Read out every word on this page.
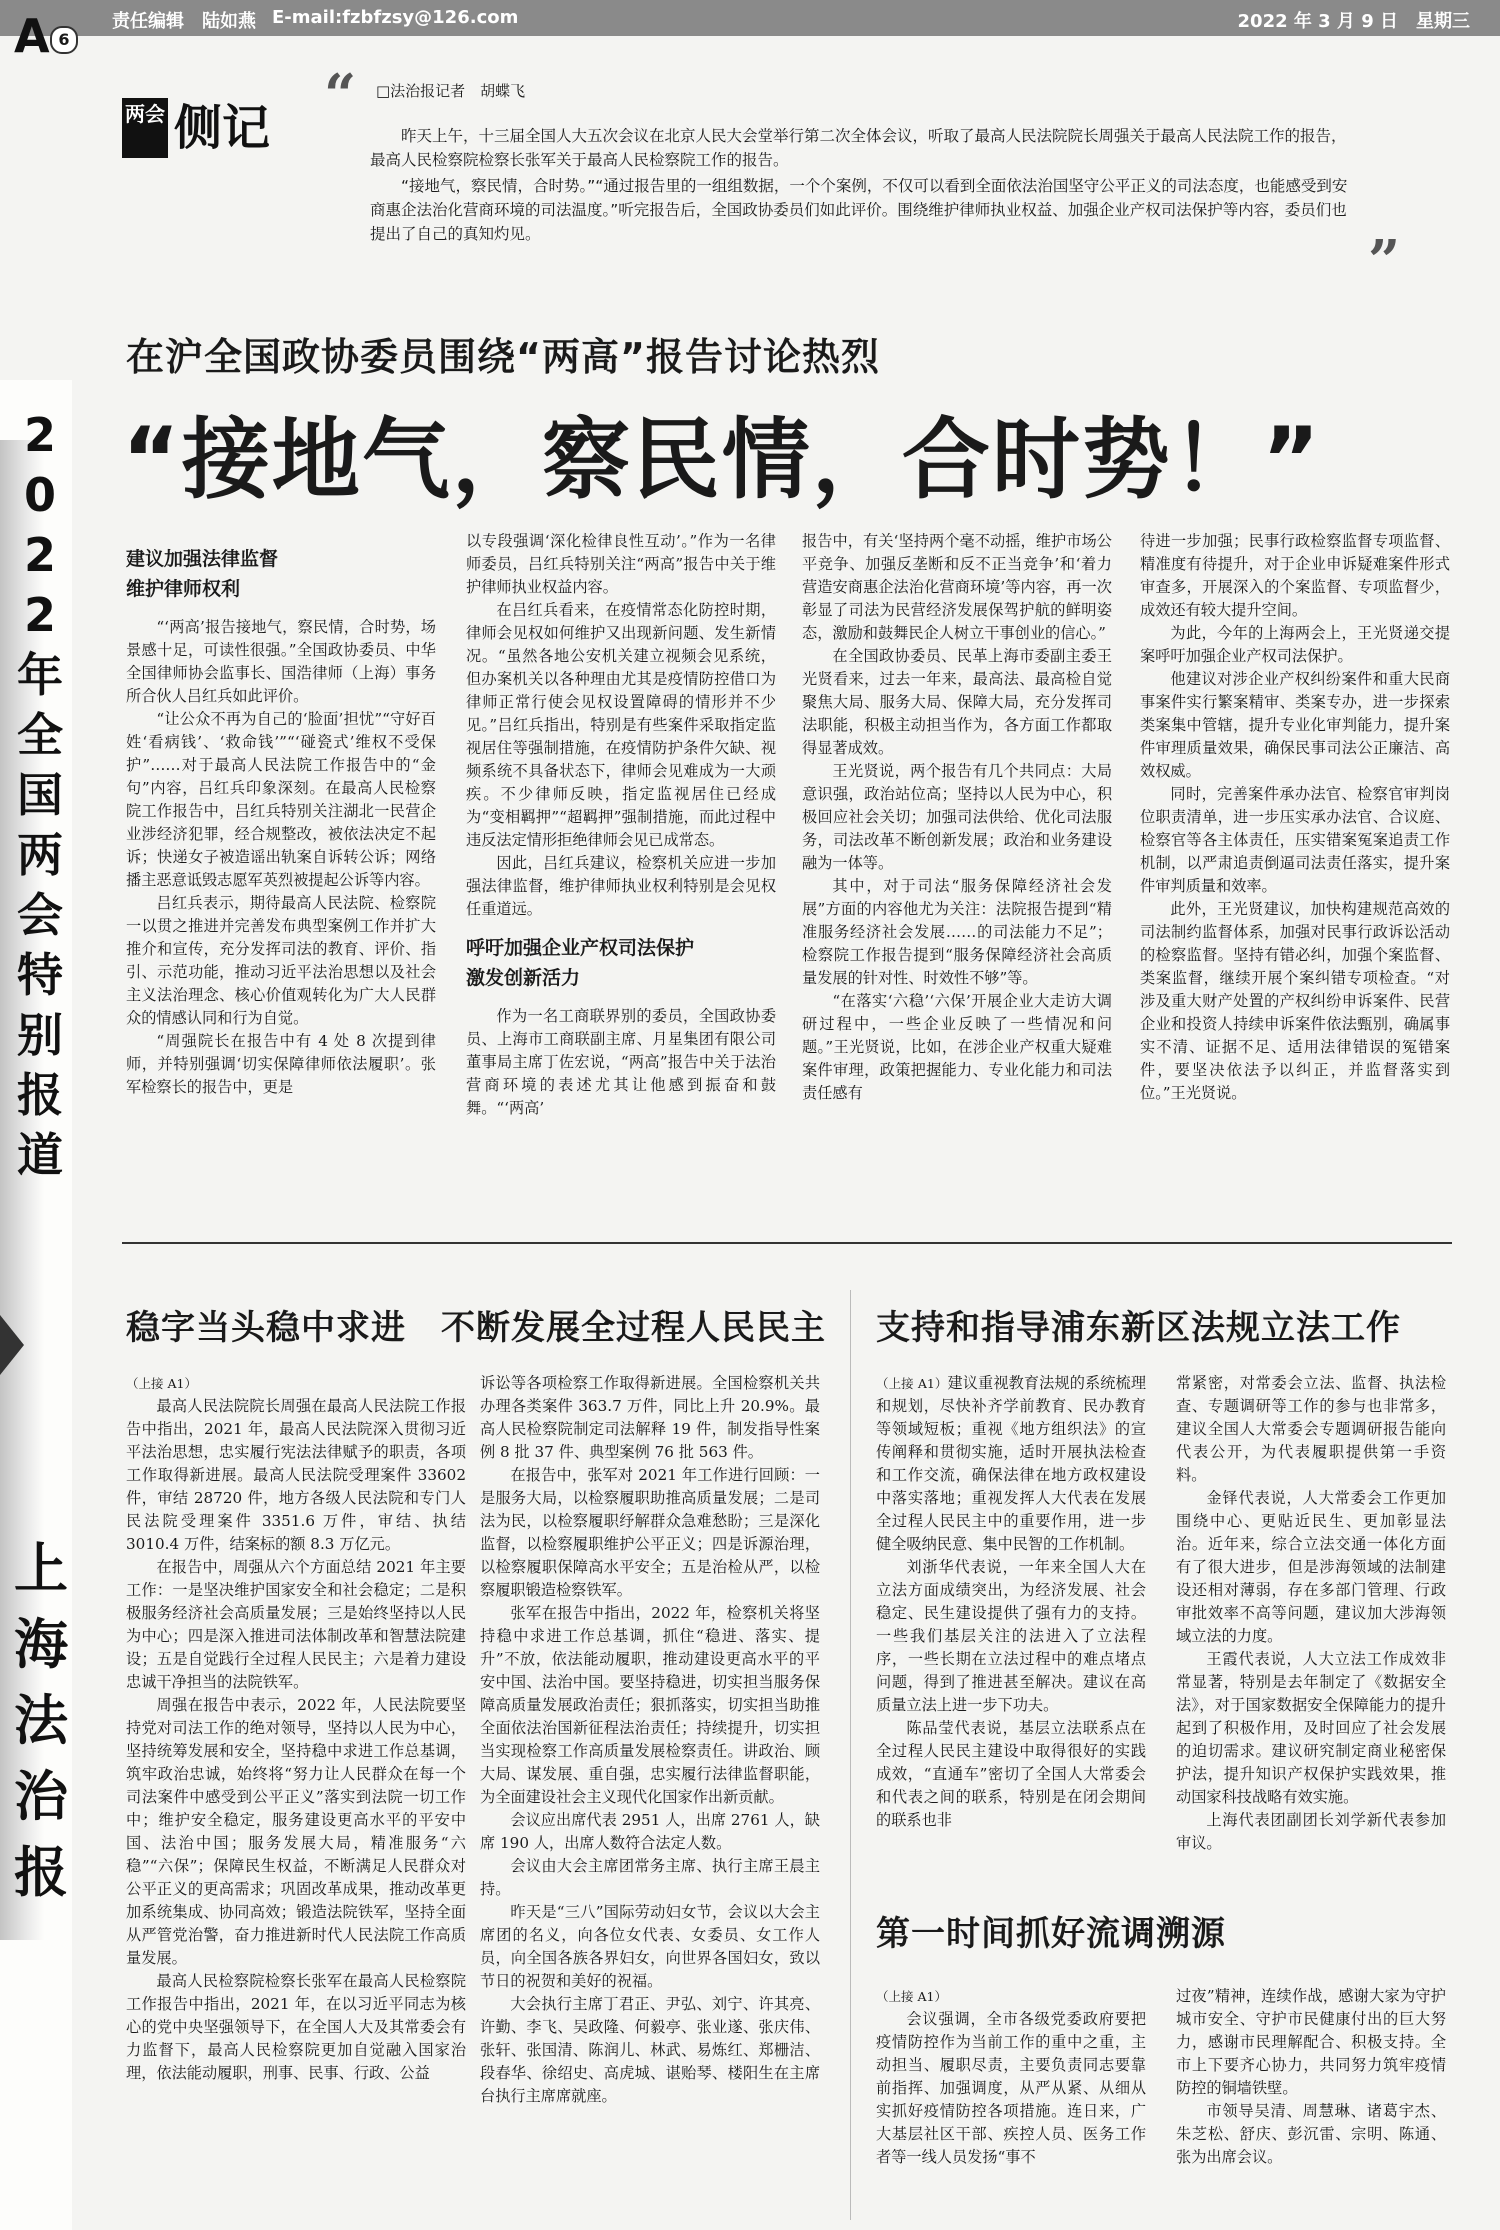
责任编辑　陆如燕 E-mail:fzbfzsy@126.com	2022 年 3 月 9 日　星期三
A 6
2022年全国两会特别报道
上海法治报
两会 侧记 “
”
□法治报记者　胡蝶飞

昨天上午，十三届全国人大五次会议在北京人民大会堂举行第二次全体会议，听取了最高人民法院院长周强关于最高人民法院工作的报告，最高人民检察院检察长张军关于最高人民检察院工作的报告。

“接地气，察民情，合时势。”“通过报告里的一组组数据，一个个案例，不仅可以看到全面依法治国坚守公平正义的司法态度，也能感受到安商惠企法治化营商环境的司法温度。”听完报告后，全国政协委员们如此评价。围绕维护律师执业权益、加强企业产权司法保护等内容，委员们也提出了自己的真知灼见。

在沪全国政协委员围绕“两高”报告讨论热烈
“接地气，察民情，合时势！”
建议加强法律监督
维护律师权利

“‘两高’报告接地气，察民情，合时势，场景感十足，可读性很强。”全国政协委员、中华全国律师协会监事长、国浩律师（上海）事务所合伙人吕红兵如此评价。

“让公众不再为自己的‘脸面’担忧”“守好百姓‘看病钱’、‘救命钱’”“‘碰瓷式’维权不受保护”……对于最高人民法院工作报告中的“金句”内容，吕红兵印象深刻。在最高人民检察院工作报告中，吕红兵特别关注湖北一民营企业涉经济犯罪，经合规整改，被依法决定不起诉；快递女子被造谣出轨案自诉转公诉；网络播主恶意诋毁志愿军英烈被提起公诉等内容。

吕红兵表示，期待最高人民法院、检察院一以贯之推进并完善发布典型案例工作并扩大推介和宣传，充分发挥司法的教育、评价、指引、示范功能，推动习近平法治思想以及社会主义法治理念、核心价值观转化为广大人民群众的情感认同和行为自觉。

“周强院长在报告中有 4 处 8 次提到律师，并特别强调‘切实保障律师依法履职’。张军检察长的报告中，更是

以专段强调‘深化检律良性互动’。”作为一名律师委员，吕红兵特别关注“两高”报告中关于维护律师执业权益内容。

在吕红兵看来，在疫情常态化防控时期，律师会见权如何维护又出现新问题、发生新情况。“虽然各地公安机关建立视频会见系统，但办案机关以各种理由尤其是疫情防控借口为律师正常行使会见权设置障碍的情形并不少见。”吕红兵指出，特别是有些案件采取指定监视居住等强制措施，在疫情防护条件欠缺、视频系统不具备状态下，律师会见难成为一大顽疾。不少律师反映，指定监视居住已经成为“变相羁押”“超羁押”强制措施，而此过程中违反法定情形拒绝律师会见已成常态。

因此，吕红兵建议，检察机关应进一步加强法律监督，维护律师执业权利特别是会见权任重道远。

呼吁加强企业产权司法保护
激发创新活力

作为一名工商联界别的委员，全国政协委员、上海市工商联副主席、月星集团有限公司董事局主席丁佐宏说，“两高”报告中关于法治营商环境的表述尤其让他感到振奋和鼓舞。“‘两高’

报告中，有关‘坚持两个毫不动摇，维护市场公平竞争、加强反垄断和反不正当竞争’和‘着力营造安商惠企法治化营商环境’等内容，再一次彰显了司法为民营经济发展保驾护航的鲜明姿态，激励和鼓舞民企人树立干事创业的信心。”

在全国政协委员、民革上海市委副主委王光贤看来，过去一年来，最高法、最高检自觉聚焦大局、服务大局、保障大局，充分发挥司法职能，积极主动担当作为，各方面工作都取得显著成效。

王光贤说，两个报告有几个共同点：大局意识强，政治站位高；坚持以人民为中心，积极回应社会关切；加强司法供给、优化司法服务，司法改革不断创新发展；政治和业务建设融为一体等。

其中，对于司法“服务保障经济社会发展”方面的内容他尤为关注：法院报告提到“精准服务经济社会发展……的司法能力不足”；检察院工作报告提到“服务保障经济社会高质量发展的针对性、时效性不够”等。

“在落实‘六稳’‘六保’开展企业大走访大调研过程中，一些企业反映了一些情况和问题。”王光贤说，比如，在涉企业产权重大疑难案件审理，政策把握能力、专业化能力和司法责任感有

待进一步加强；民事行政检察监督专项监督、精准度有待提升，对于企业申诉疑难案件形式审查多，开展深入的个案监督、专项监督少，成效还有较大提升空间。

为此，今年的上海两会上，王光贤递交提案呼吁加强企业产权司法保护。

他建议对涉企业产权纠纷案件和重大民商事案件实行繁案精审、类案专办，进一步探索类案集中管辖，提升专业化审判能力，提升案件审理质量效果，确保民事司法公正廉洁、高效权威。

同时，完善案件承办法官、检察官审判岗位职责清单，进一步压实承办法官、合议庭、检察官等各主体责任，压实错案冤案追责工作机制，以严肃追责倒逼司法责任落实，提升案件审判质量和效率。

此外，王光贤建议，加快构建规范高效的司法制约监督体系，加强对民事行政诉讼活动的检察监督。坚持有错必纠，加强个案监督、类案监督，继续开展个案纠错专项检查。“对涉及重大财产处置的产权纠纷申诉案件、民营企业和投资人持续申诉案件依法甄别，确属事实不清、证据不足、适用法律错误的冤错案件，要坚决依法予以纠正，并监督落实到位。”王光贤说。

稳字当头稳中求进　不断发展全过程人民民主

（上接 A1）

最高人民法院院长周强在最高人民法院工作报告中指出，2021 年，最高人民法院深入贯彻习近平法治思想，忠实履行宪法法律赋予的职责，各项工作取得新进展。最高人民法院受理案件 33602 件，审结 28720 件，地方各级人民法院和专门人民法院受理案件 3351.6 万件，审结、执结 3010.4 万件，结案标的额 8.3 万亿元。

在报告中，周强从六个方面总结 2021 年主要工作：一是坚决维护国家安全和社会稳定；二是积极服务经济社会高质量发展；三是始终坚持以人民为中心；四是深入推进司法体制改革和智慧法院建设；五是自觉践行全过程人民民主；六是着力建设忠诚干净担当的法院铁军。

周强在报告中表示，2022 年，人民法院要坚持党对司法工作的绝对领导，坚持以人民为中心，坚持统筹发展和安全，坚持稳中求进工作总基调，筑牢政治忠诚，始终将“努力让人民群众在每一个司法案件中感受到公平正义”落实到法院一切工作中；维护安全稳定，服务建设更高水平的平安中国、法治中国；服务发展大局，精准服务“六稳”“六保”；保障民生权益，不断满足人民群众对公平正义的更高需求；巩固改革成果，推动改革更加系统集成、协同高效；锻造法院铁军，坚持全面从严管党治警，奋力推进新时代人民法院工作高质量发展。

最高人民检察院检察长张军在最高人民检察院工作报告中指出，2021 年，在以习近平同志为核心的党中央坚强领导下，在全国人大及其常委会有力监督下，最高人民检察院更加自觉融入国家治理，依法能动履职，刑事、民事、行政、公益

诉讼等各项检察工作取得新进展。全国检察机关共办理各类案件 363.7 万件，同比上升 20.9%。最高人民检察院制定司法解释 19 件，制发指导性案例 8 批 37 件、典型案例 76 批 563 件。

在报告中，张军对 2021 年工作进行回顾：一是服务大局，以检察履职助推高质量发展；二是司法为民，以检察履职纾解群众急难愁盼；三是深化监督，以检察履职维护公平正义；四是诉源治理，以检察履职保障高水平安全；五是治检从严，以检察履职锻造检察铁军。

张军在报告中指出，2022 年，检察机关将坚持稳中求进工作总基调，抓住“稳进、落实、提升”不放，依法能动履职，推动建设更高水平的平安中国、法治中国。要坚持稳进，切实担当服务保障高质量发展政治责任；狠抓落实，切实担当助推全面依法治国新征程法治责任；持续提升，切实担当实现检察工作高质量发展检察责任。讲政治、顾大局、谋发展、重自强，忠实履行法律监督职能，为全面建设社会主义现代化国家作出新贡献。

会议应出席代表 2951 人，出席 2761 人，缺席 190 人，出席人数符合法定人数。

会议由大会主席团常务主席、执行主席王晨主持。

昨天是“三八”国际劳动妇女节，会议以大会主席团的名义，向各位女代表、女委员、女工作人员，向全国各族各界妇女，向世界各国妇女，致以节日的祝贺和美好的祝福。

大会执行主席丁君正、尹弘、刘宁、许其亮、许勤、李飞、吴政隆、何毅亭、张业遂、张庆伟、张轩、张国清、陈润儿、林武、易炼红、郑栅洁、段春华、徐绍史、高虎城、谌贻琴、楼阳生在主席台执行主席席就座。

支持和指导浦东新区法规立法工作

（上接 A1）建议重视教育法规的系统梳理和规划，尽快补齐学前教育、民办教育等领域短板；重视《地方组织法》的宣传阐释和贯彻实施，适时开展执法检查和工作交流，确保法律在地方政权建设中落实落地；重视发挥人大代表在发展全过程人民民主中的重要作用，进一步健全吸纳民意、集中民智的工作机制。

刘浙华代表说，一年来全国人大在立法方面成绩突出，为经济发展、社会稳定、民生建设提供了强有力的支持。一些我们基层关注的法进入了立法程序，一些长期在立法过程中的难点堵点问题，得到了推进甚至解决。建议在高质量立法上进一步下功夫。

陈品莹代表说，基层立法联系点在全过程人民民主建设中取得很好的实践成效，“直通车”密切了全国人大常委会和代表之间的联系，特别是在闭会期间的联系也非

常紧密，对常委会立法、监督、执法检查、专题调研等工作的参与也非常多，建议全国人大常委会专题调研报告能向代表公开，为代表履职提供第一手资料。

金铎代表说，人大常委会工作更加围绕中心、更贴近民生、更加彰显法治。近年来，综合立法交通一体化方面有了很大进步，但是涉海领域的法制建设还相对薄弱，存在多部门管理、行政审批效率不高等问题，建议加大涉海领域立法的力度。

王霞代表说，人大立法工作成效非常显著，特别是去年制定了《数据安全法》，对于国家数据安全保障能力的提升起到了积极作用，及时回应了社会发展的迫切需求。建议研究制定商业秘密保护法，提升知识产权保护实践效果，推动国家科技战略有效实施。

上海代表团副团长刘学新代表参加审议。

第一时间抓好流调溯源

（上接 A1）

会议强调，全市各级党委政府要把疫情防控作为当前工作的重中之重，主动担当、履职尽责，主要负责同志要靠前指挥、加强调度，从严从紧、从细从实抓好疫情防控各项措施。连日来，广大基层社区干部、疾控人员、医务工作者等一线人员发扬“事不

过夜”精神，连续作战，感谢大家为守护城市安全、守护市民健康付出的巨大努力，感谢市民理解配合、积极支持。全市上下要齐心协力，共同努力筑牢疫情防控的铜墙铁壁。

市领导吴清、周慧琳、诸葛宇杰、朱芝松、舒庆、彭沉雷、宗明、陈通、张为出席会议。
